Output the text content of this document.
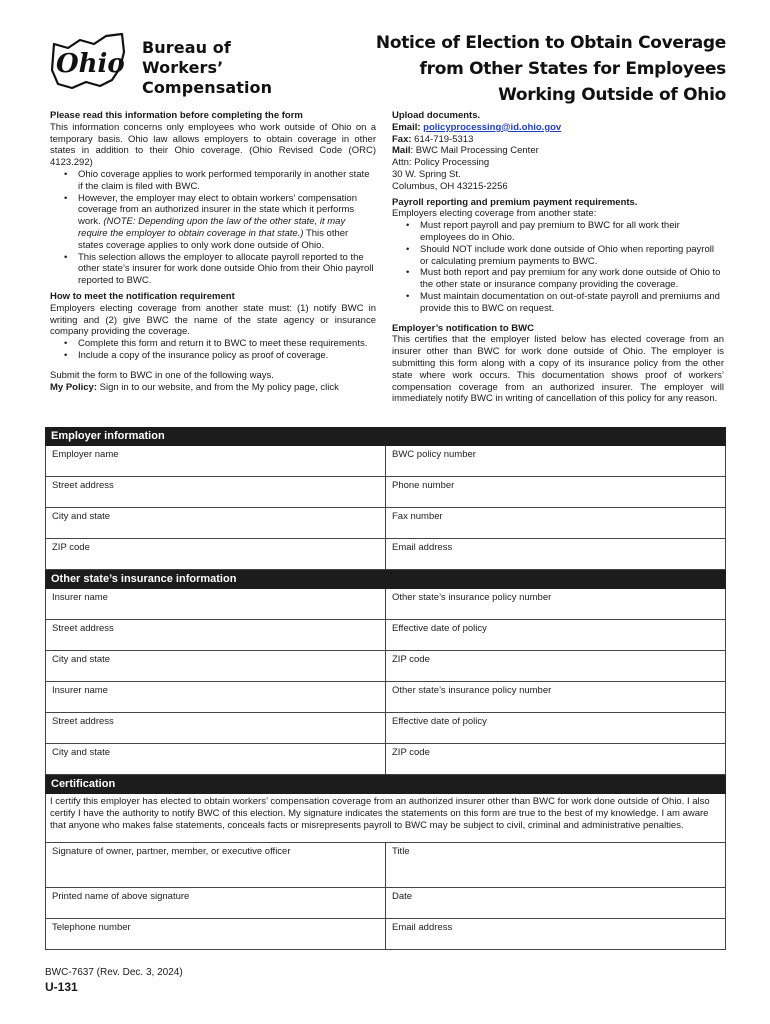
Ohio
Bureau of Workers’
Compensation
Notice of Election to Obtain Coverage
from Other States for Employees
Working Outside of Ohio
Please read this information before completing the form

This information concerns only employees who work outside of Ohio on a temporary basis. Ohio law allows employers to obtain coverage in other states in addition to their Ohio coverage. (Ohio Revised Code (ORC) 4123.292)

• Ohio coverage applies to work performed temporarily in another state if the claim is filed with BWC.
• However, the employer may elect to obtain workers’ compensation coverage from an authorized insurer in the state which it performs work. (NOTE: Depending upon the law of the other state, it may require the employer to obtain coverage in that state.) This other states coverage applies to only work done outside of Ohio.
• This selection allows the employer to allocate payroll reported to the other state’s insurer for work done outside Ohio from their Ohio payroll reported to BWC.
How to meet the notification requirement

Employers electing coverage from another state must: (1) notify BWC in writing and (2) give BWC the name of the state agency or insurance company providing the coverage.

• Complete this form and return it to BWC to meet these requirements.
• Include a copy of the insurance policy as proof of coverage.

Submit the form to BWC in one of the following ways.

My Policy: Sign in to our website, and from the My policy page, click

Upload documents.

Email: policyprocessing@id.ohio.gov

Fax: 614-719-5313

Mail: BWC Mail Processing Center

Attn: Policy Processing

30 W. Spring St.

Columbus, OH 43215-2256

Payroll reporting and premium payment requirements.

Employers electing coverage from another state:

• Must report payroll and pay premium to BWC for all work their employees do in Ohio.
• Should NOT include work done outside of Ohio when reporting payroll or calculating premium payments to BWC.
• Must both report and pay premium for any work done outside of Ohio to the other state or insurance company providing the coverage.
• Must maintain documentation on out-of-state payroll and premiums and provide this to BWC on request.
Employer’s notification to BWC

This certifies that the employer listed below has elected coverage from an insurer other than BWC for work done outside of Ohio. The employer is submitting this form along with a copy of its insurance policy from the other state where work occurs. This documentation shows proof of workers’ compensation coverage from an authorized insurer. The employer will immediately notify BWC in writing of cancellation of this policy for any reason.

Employer information
Employer name	BWC policy number
Street address	Phone number
City and state	Fax number
ZIP code	Email address
Other state’s insurance information
Insurer name	Other state’s insurance policy number
Street address	Effective date of policy
City and state	ZIP code
Insurer name	Other state’s insurance policy number
Street address	Effective date of policy
City and state	ZIP code
Certification
I certify this employer has elected to obtain workers’ compensation coverage from an authorized insurer other than BWC for work done outside of Ohio. I also certify I have the authority to notify BWC of this election. My signature indicates the statements on this form are true to the best of my knowledge. I am aware that anyone who makes false statements, conceals facts or misrepresents payroll to BWC may be subject to civil, criminal and administrative penalties.
Signature of owner, partner, member, or executive officer	Title
Printed name of above signature	Date
Telephone number	Email address
BWC-7637 (Rev. Dec. 3, 2024)
U-131
